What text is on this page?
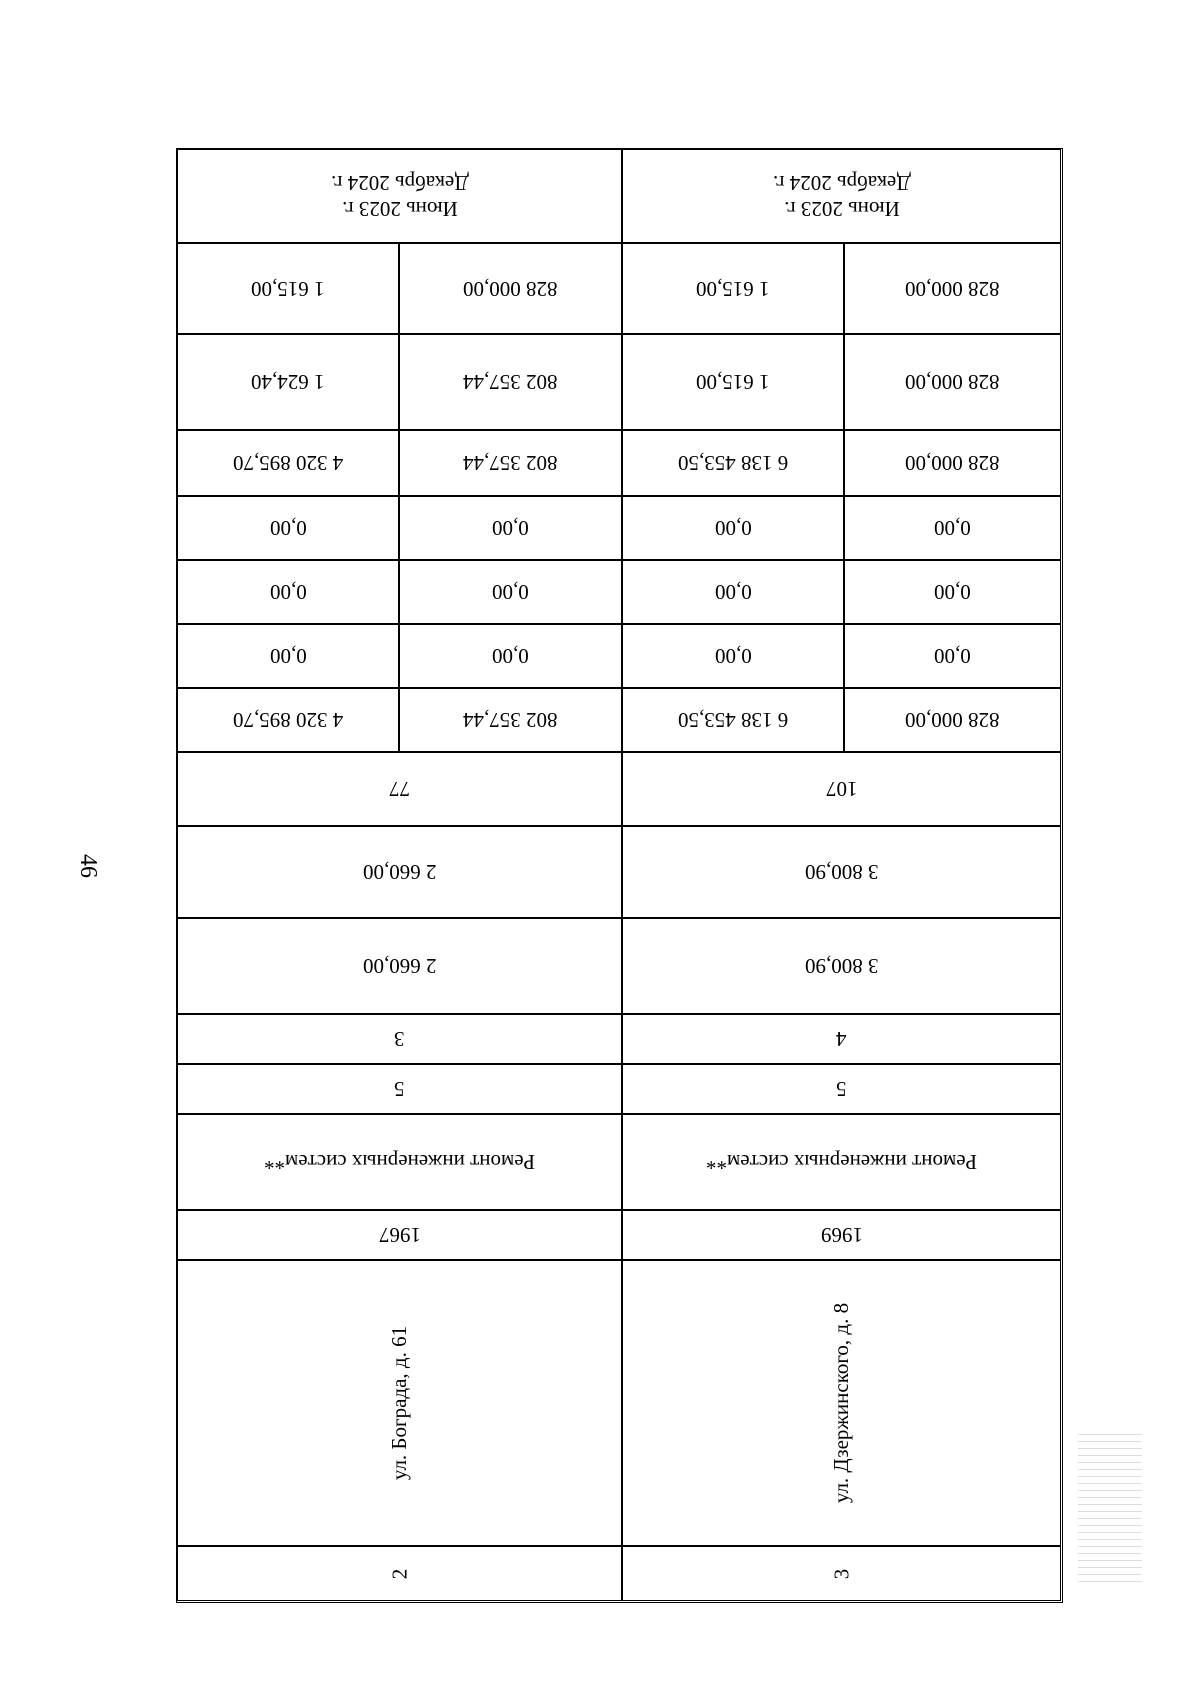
46
Июнь 2023 г.
Декабрь 2024 г.
1 615,00	828 000,00
1 624,40	802 357,44
4 320 895,70	802 357,44
0,00	0,00
0,00	0,00
0,00	0,00
4 320 895,70	802 357,44
77
2 660,00
2 660,00
3
5
Ремонт инженерных систем**
1967
ул. Бограда, д. 61
2
Июнь 2023 г.
Декабрь 2024 г.
1 615,00	828 000,00
1 615,00	828 000,00
6 138 453,50	828 000,00
0,00	0,00
0,00	0,00
0,00	0,00
6 138 453,50	828 000,00
107
3 800,90
3 800,90
4
5
Ремонт инженерных систем**
1969
ул. Дзержинского, д. 8
3
